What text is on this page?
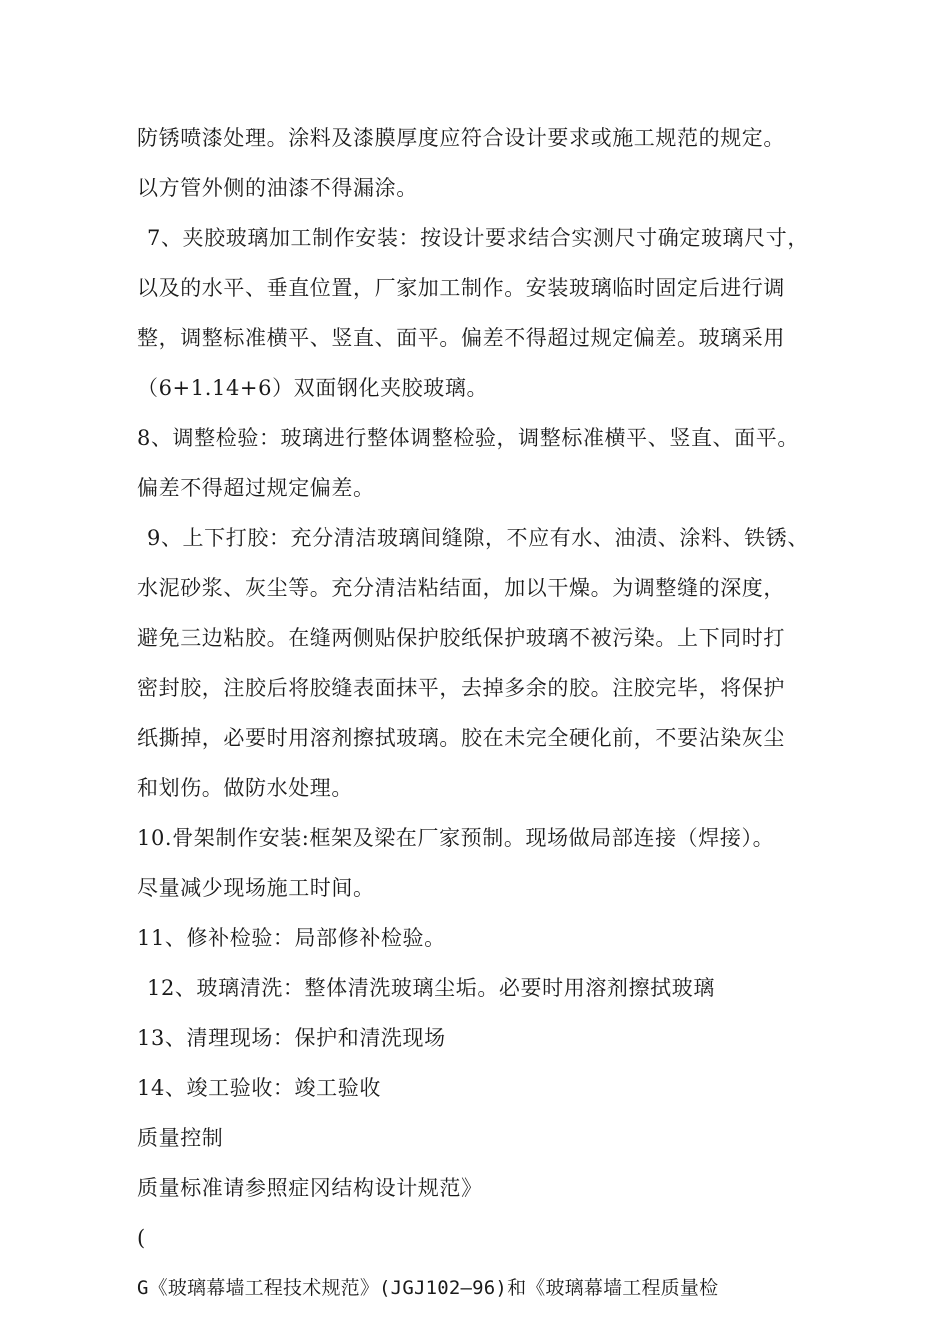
防锈喷漆处理。涂料及漆膜厚度应符合设计要求或施工规范的规定。
以方管外侧的油漆不得漏涂。
7、夹胶玻璃加工制作安装：按设计要求结合实测尺寸确定玻璃尺寸，
以及的水平、垂直位置，厂家加工制作。安装玻璃临时固定后进行调
整，调整标准横平、竖直、面平。偏差不得超过规定偏差。玻璃采用
（6+1.14+6）双面钢化夹胶玻璃。
8、调整检验：玻璃进行整体调整检验，调整标准横平、竖直、面平。
偏差不得超过规定偏差。
9、上下打胶：充分清洁玻璃间缝隙，不应有水、油渍、涂料、铁锈、
水泥砂浆、灰尘等。充分清洁粘结面，加以干燥。为调整缝的深度，
避免三边粘胶。在缝两侧贴保护胶纸保护玻璃不被污染。上下同时打
密封胶，注胶后将胶缝表面抹平，去掉多余的胶。注胶完毕，将保护
纸撕掉，必要时用溶剂擦拭玻璃。胶在未完全硬化前，不要沾染灰尘
和划伤。做防水处理。
10.骨架制作安装:框架及梁在厂家预制。现场做局部连接（焊接）。
尽量减少现场施工时间。
11、修补检验：局部修补检验。
12、玻璃清洗：整体清洗玻璃尘垢。必要时用溶剂擦拭玻璃
13、清理现场：保护和清洗现场
14、竣工验收：竣工验收
质量控制
质量标准请参照症冈结构设计规范》
(
G《玻璃幕墙工程技术规范》(JGJ102—96)和《玻璃幕墙工程质量检
